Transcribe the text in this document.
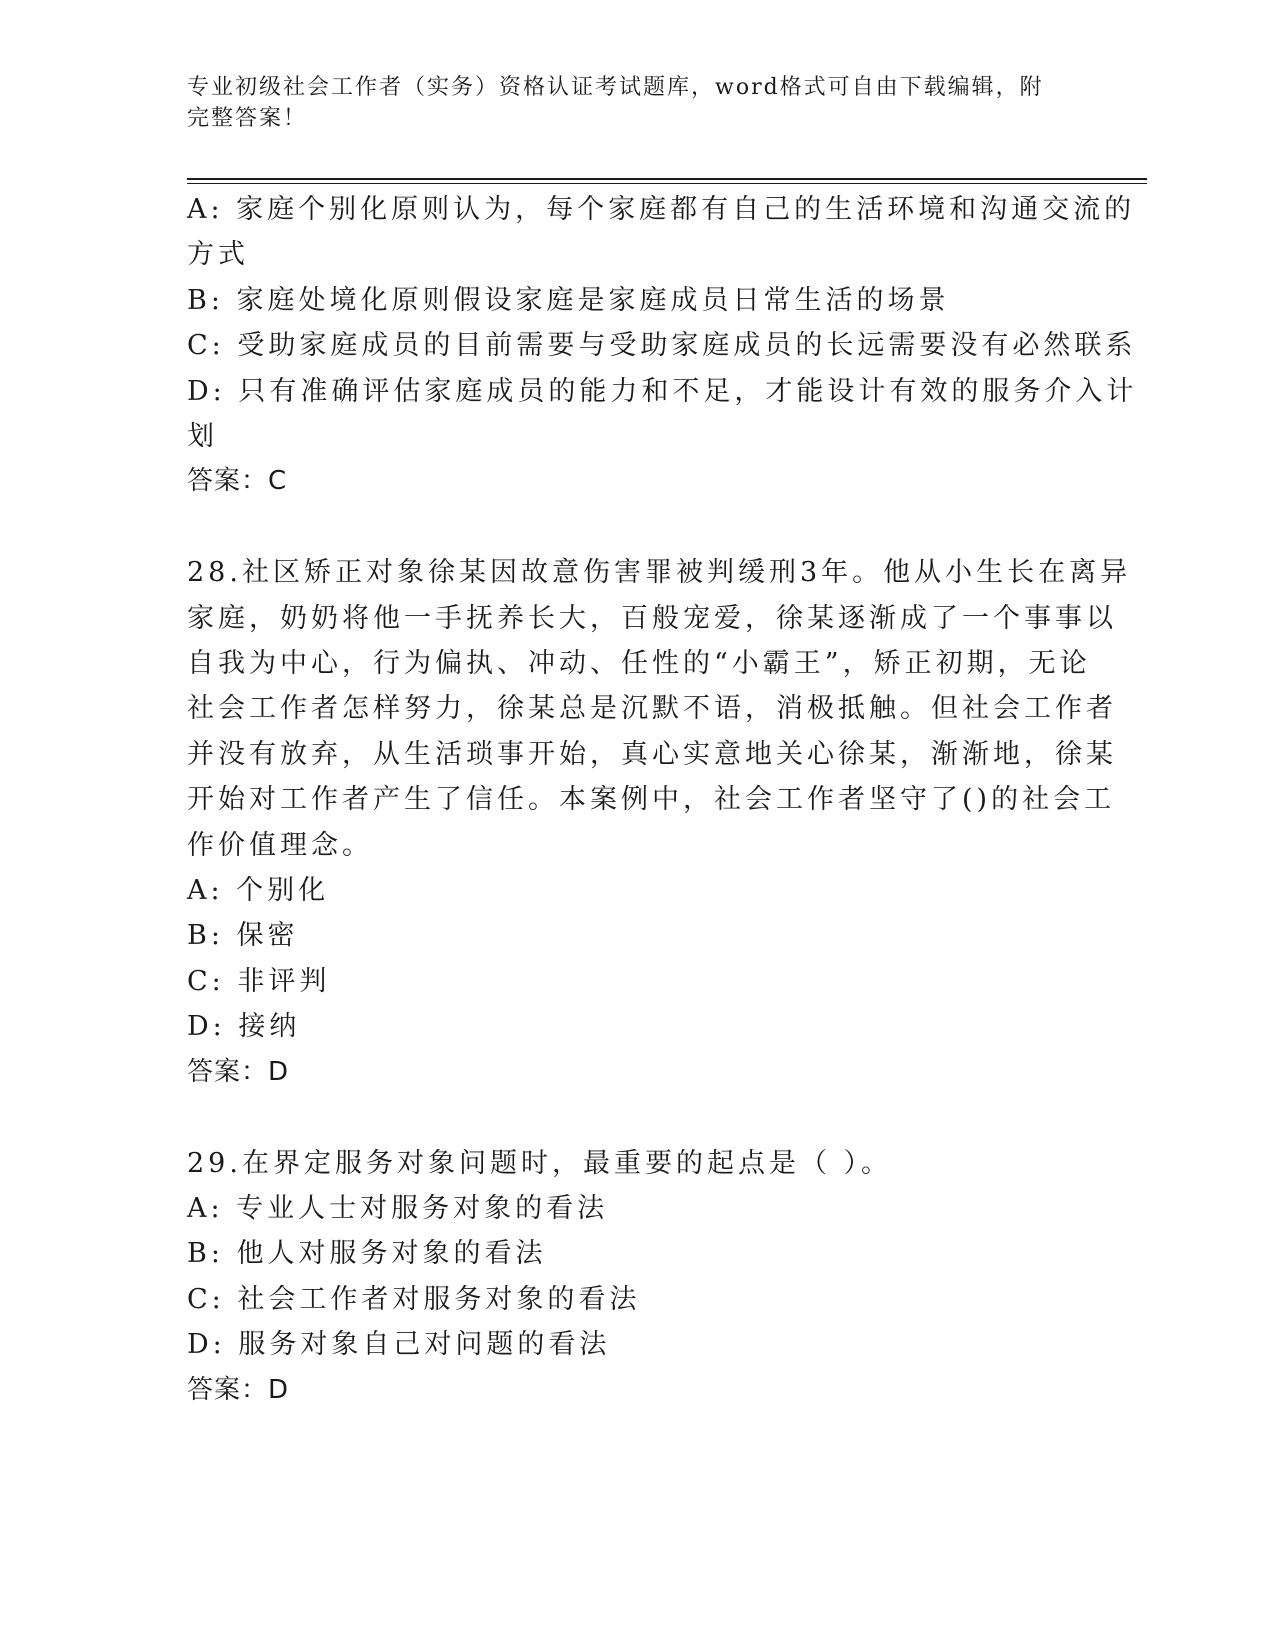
专业初级社会工作者（实务）资格认证考试题库，word格式可自由下载编辑，附
完整答案！
A: 家庭个别化原则认为，每个家庭都有自己的生活环境和沟通交流的
方式
B: 家庭处境化原则假设家庭是家庭成员日常生活的场景
C: 受助家庭成员的目前需要与受助家庭成员的长远需要没有必然联系
D: 只有准确评估家庭成员的能力和不足，才能设计有效的服务介入计
划
答案：C
28.社区矫正对象徐某因故意伤害罪被判缓刑3年。他从小生长在离异
家庭，奶奶将他一手抚养长大，百般宠爱，徐某逐渐成了一个事事以
自我为中心，行为偏执、冲动、任性的“小霸王”，矫正初期，无论
社会工作者怎样努力，徐某总是沉默不语，消极抵触。但社会工作者
并没有放弃，从生活琐事开始，真心实意地关心徐某，渐渐地，徐某
开始对工作者产生了信任。本案例中，社会工作者坚守了()的社会工
作价值理念。
A: 个别化
B: 保密
C: 非评判
D: 接纳
答案：D
29.在界定服务对象问题时，最重要的起点是（ ）。
A: 专业人士对服务对象的看法
B: 他人对服务对象的看法
C: 社会工作者对服务对象的看法
D: 服务对象自己对问题的看法
答案：D
